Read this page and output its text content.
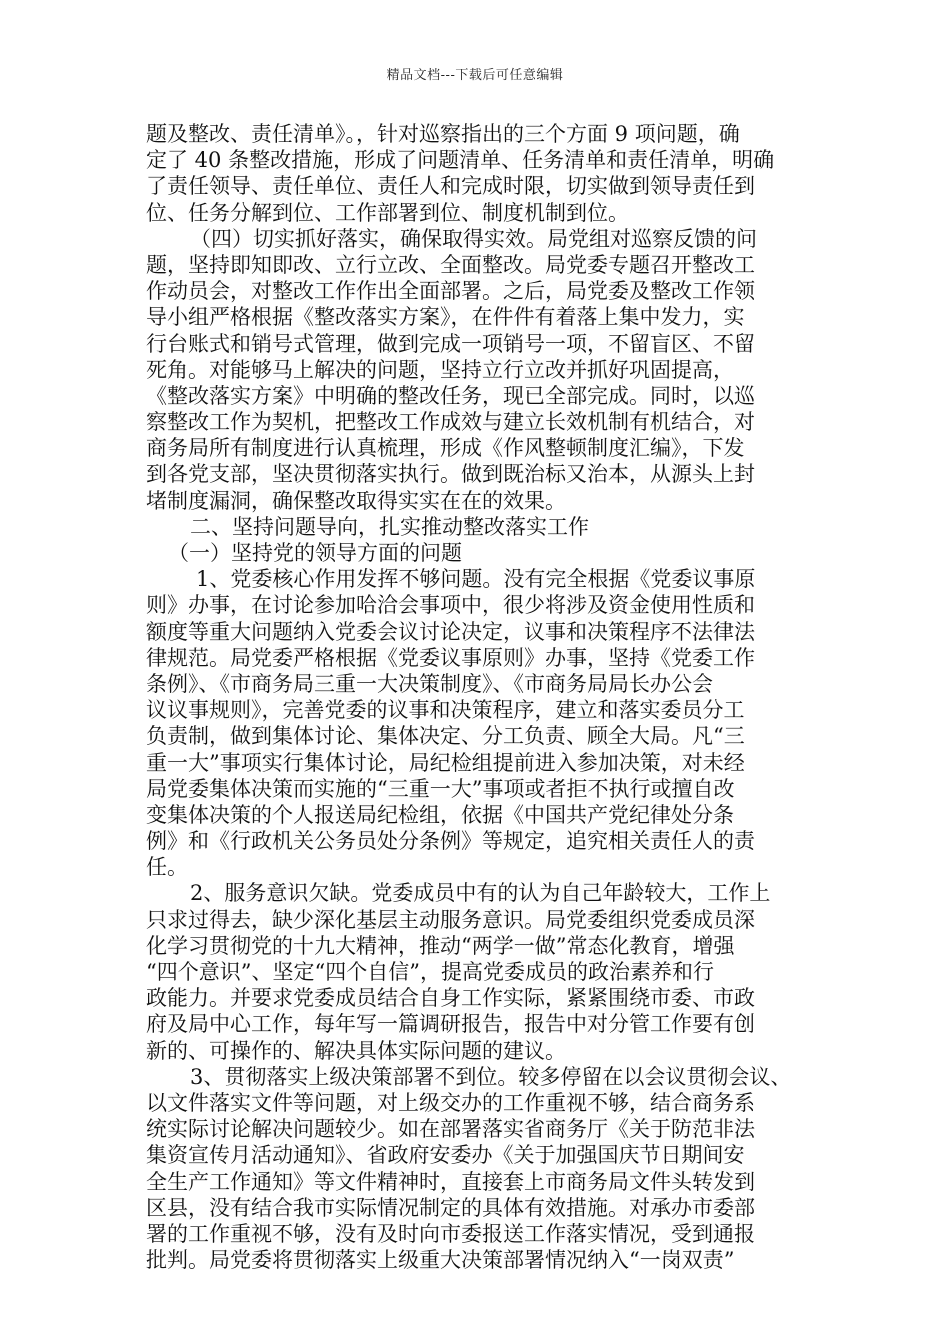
精品文档---下载后可任意编辑
题及整改、责任清单》。，针对巡察指出的三个方面 9 项问题，确
定了 40 条整改措施，形成了问题清单、任务清单和责任清单，明确
了责任领导、责任单位、责任人和完成时限，切实做到领导责任到
位、任务分解到位、工作部署到位、制度机制到位。
（四）切实抓好落实，确保取得实效。局党组对巡察反馈的问
题，坚持即知即改、立行立改、全面整改。局党委专题召开整改工
作动员会，对整改工作作出全面部署。之后，局党委及整改工作领
导小组严格根据《整改落实方案》，在件件有着落上集中发力，实
行台账式和销号式管理，做到完成一项销号一项，不留盲区、不留
死角。对能够马上解决的问题，坚持立行立改并抓好巩固提高，
《整改落实方案》中明确的整改任务，现已全部完成。同时，以巡
察整改工作为契机，把整改工作成效与建立长效机制有机结合，对
商务局所有制度进行认真梳理，形成《作风整顿制度汇编》，下发
到各党支部，坚决贯彻落实执行。做到既治标又治本，从源头上封
堵制度漏洞，确保整改取得实实在在的效果。
二、坚持问题导向，扎实推动整改落实工作
（一）坚持党的领导方面的问题
1、党委核心作用发挥不够问题。没有完全根据《党委议事原
则》办事，在讨论参加哈洽会事项中，很少将涉及资金使用性质和
额度等重大问题纳入党委会议讨论决定，议事和决策程序不法律法
律规范。局党委严格根据《党委议事原则》办事，坚持《党委工作
条例》、《市商务局三重一大决策制度》、《市商务局局长办公会
议议事规则》，完善党委的议事和决策程序，建立和落实委员分工
负责制，做到集体讨论、集体决定、分工负责、顾全大局。凡“三
重一大”事项实行集体讨论，局纪检组提前进入参加决策，对未经
局党委集体决策而实施的“三重一大”事项或者拒不执行或擅自改
变集体决策的个人报送局纪检组，依据《中国共产党纪律处分条
例》和《行政机关公务员处分条例》等规定，追究相关责任人的责
任。
2、服务意识欠缺。党委成员中有的认为自己年龄较大，工作上
只求过得去，缺少深化基层主动服务意识。局党委组织党委成员深
化学习贯彻党的十九大精神，推动“两学一做”常态化教育，增强
“四个意识”、坚定“四个自信”，提高党委成员的政治素养和行
政能力。并要求党委成员结合自身工作实际，紧紧围绕市委、市政
府及局中心工作，每年写一篇调研报告，报告中对分管工作要有创
新的、可操作的、解决具体实际问题的建议。
3、贯彻落实上级决策部署不到位。较多停留在以会议贯彻会议、
以文件落实文件等问题，对上级交办的工作重视不够，结合商务系
统实际讨论解决问题较少。如在部署落实省商务厅《关于防范非法
集资宣传月活动通知》、省政府安委办《关于加强国庆节日期间安
全生产工作通知》等文件精神时，直接套上市商务局文件头转发到
区县，没有结合我市实际情况制定的具体有效措施。对承办市委部
署的工作重视不够，没有及时向市委报送工作落实情况，受到通报
批判。局党委将贯彻落实上级重大决策部署情况纳入“一岗双责”
